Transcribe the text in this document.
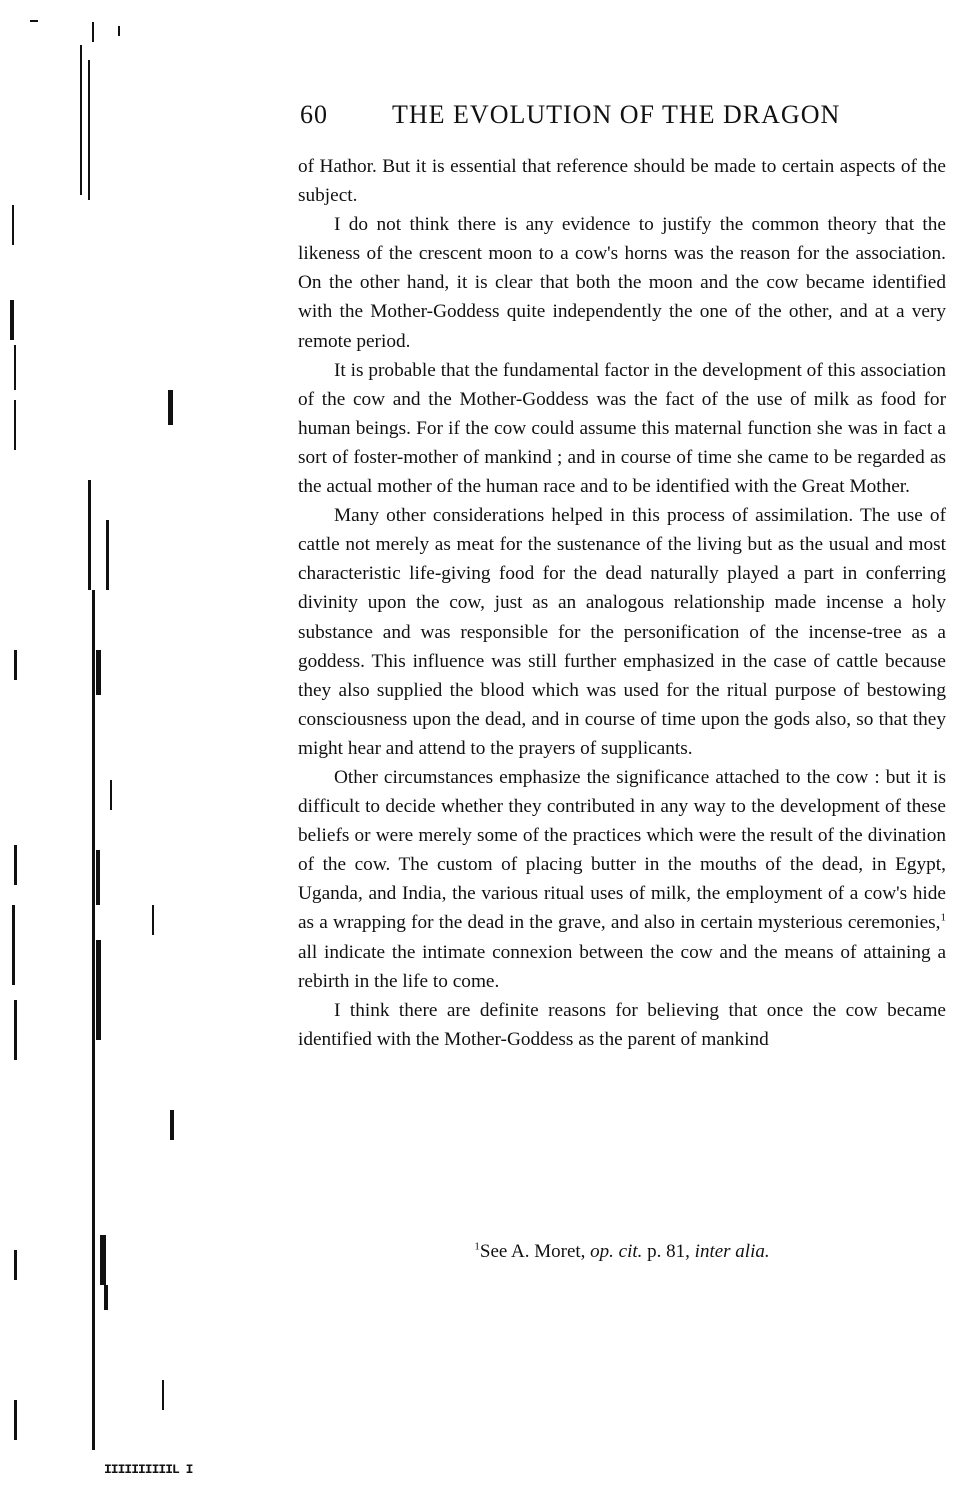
IIIIIIIIIIL I
60 THE EVOLUTION OF THE DRAGON

of Hathor. But it is essential that reference should be made to certain aspects of the subject.

I do not think there is any evidence to justify the common theory that the likeness of the crescent moon to a cow's horns was the reason for the association. On the other hand, it is clear that both the moon and the cow became identified with the Mother-Goddess quite independently the one of the other, and at a very remote period.

It is probable that the fundamental factor in the development of this association of the cow and the Mother-Goddess was the fact of the use of milk as food for human beings. For if the cow could assume this maternal function she was in fact a sort of foster-mother of mankind ; and in course of time she came to be regarded as the actual mother of the human race and to be identified with the Great Mother.

Many other considerations helped in this process of assimilation. The use of cattle not merely as meat for the sustenance of the living but as the usual and most characteristic life-giving food for the dead naturally played a part in conferring divinity upon the cow, just as an analogous relationship made incense a holy substance and was responsible for the personification of the incense-tree as a goddess. This influence was still further emphasized in the case of cattle because they also supplied the blood which was used for the ritual purpose of bestowing consciousness upon the dead, and in course of time upon the gods also, so that they might hear and attend to the prayers of supplicants.

Other circumstances emphasize the significance attached to the cow : but it is difficult to decide whether they contributed in any way to the development of these beliefs or were merely some of the practices which were the result of the divination of the cow. The custom of placing butter in the mouths of the dead, in Egypt, Uganda, and India, the various ritual uses of milk, the employment of a cow's hide as a wrapping for the dead in the grave, and also in certain mysterious ceremonies,$^1$ all indicate the intimate connexion between the cow and the means of attaining a rebirth in the life to come.

I think there are definite reasons for believing that once the cow became identified with the Mother-Goddess as the parent of mankind

$^1$See A. Moret, op. cit. p. 81, inter alia.
